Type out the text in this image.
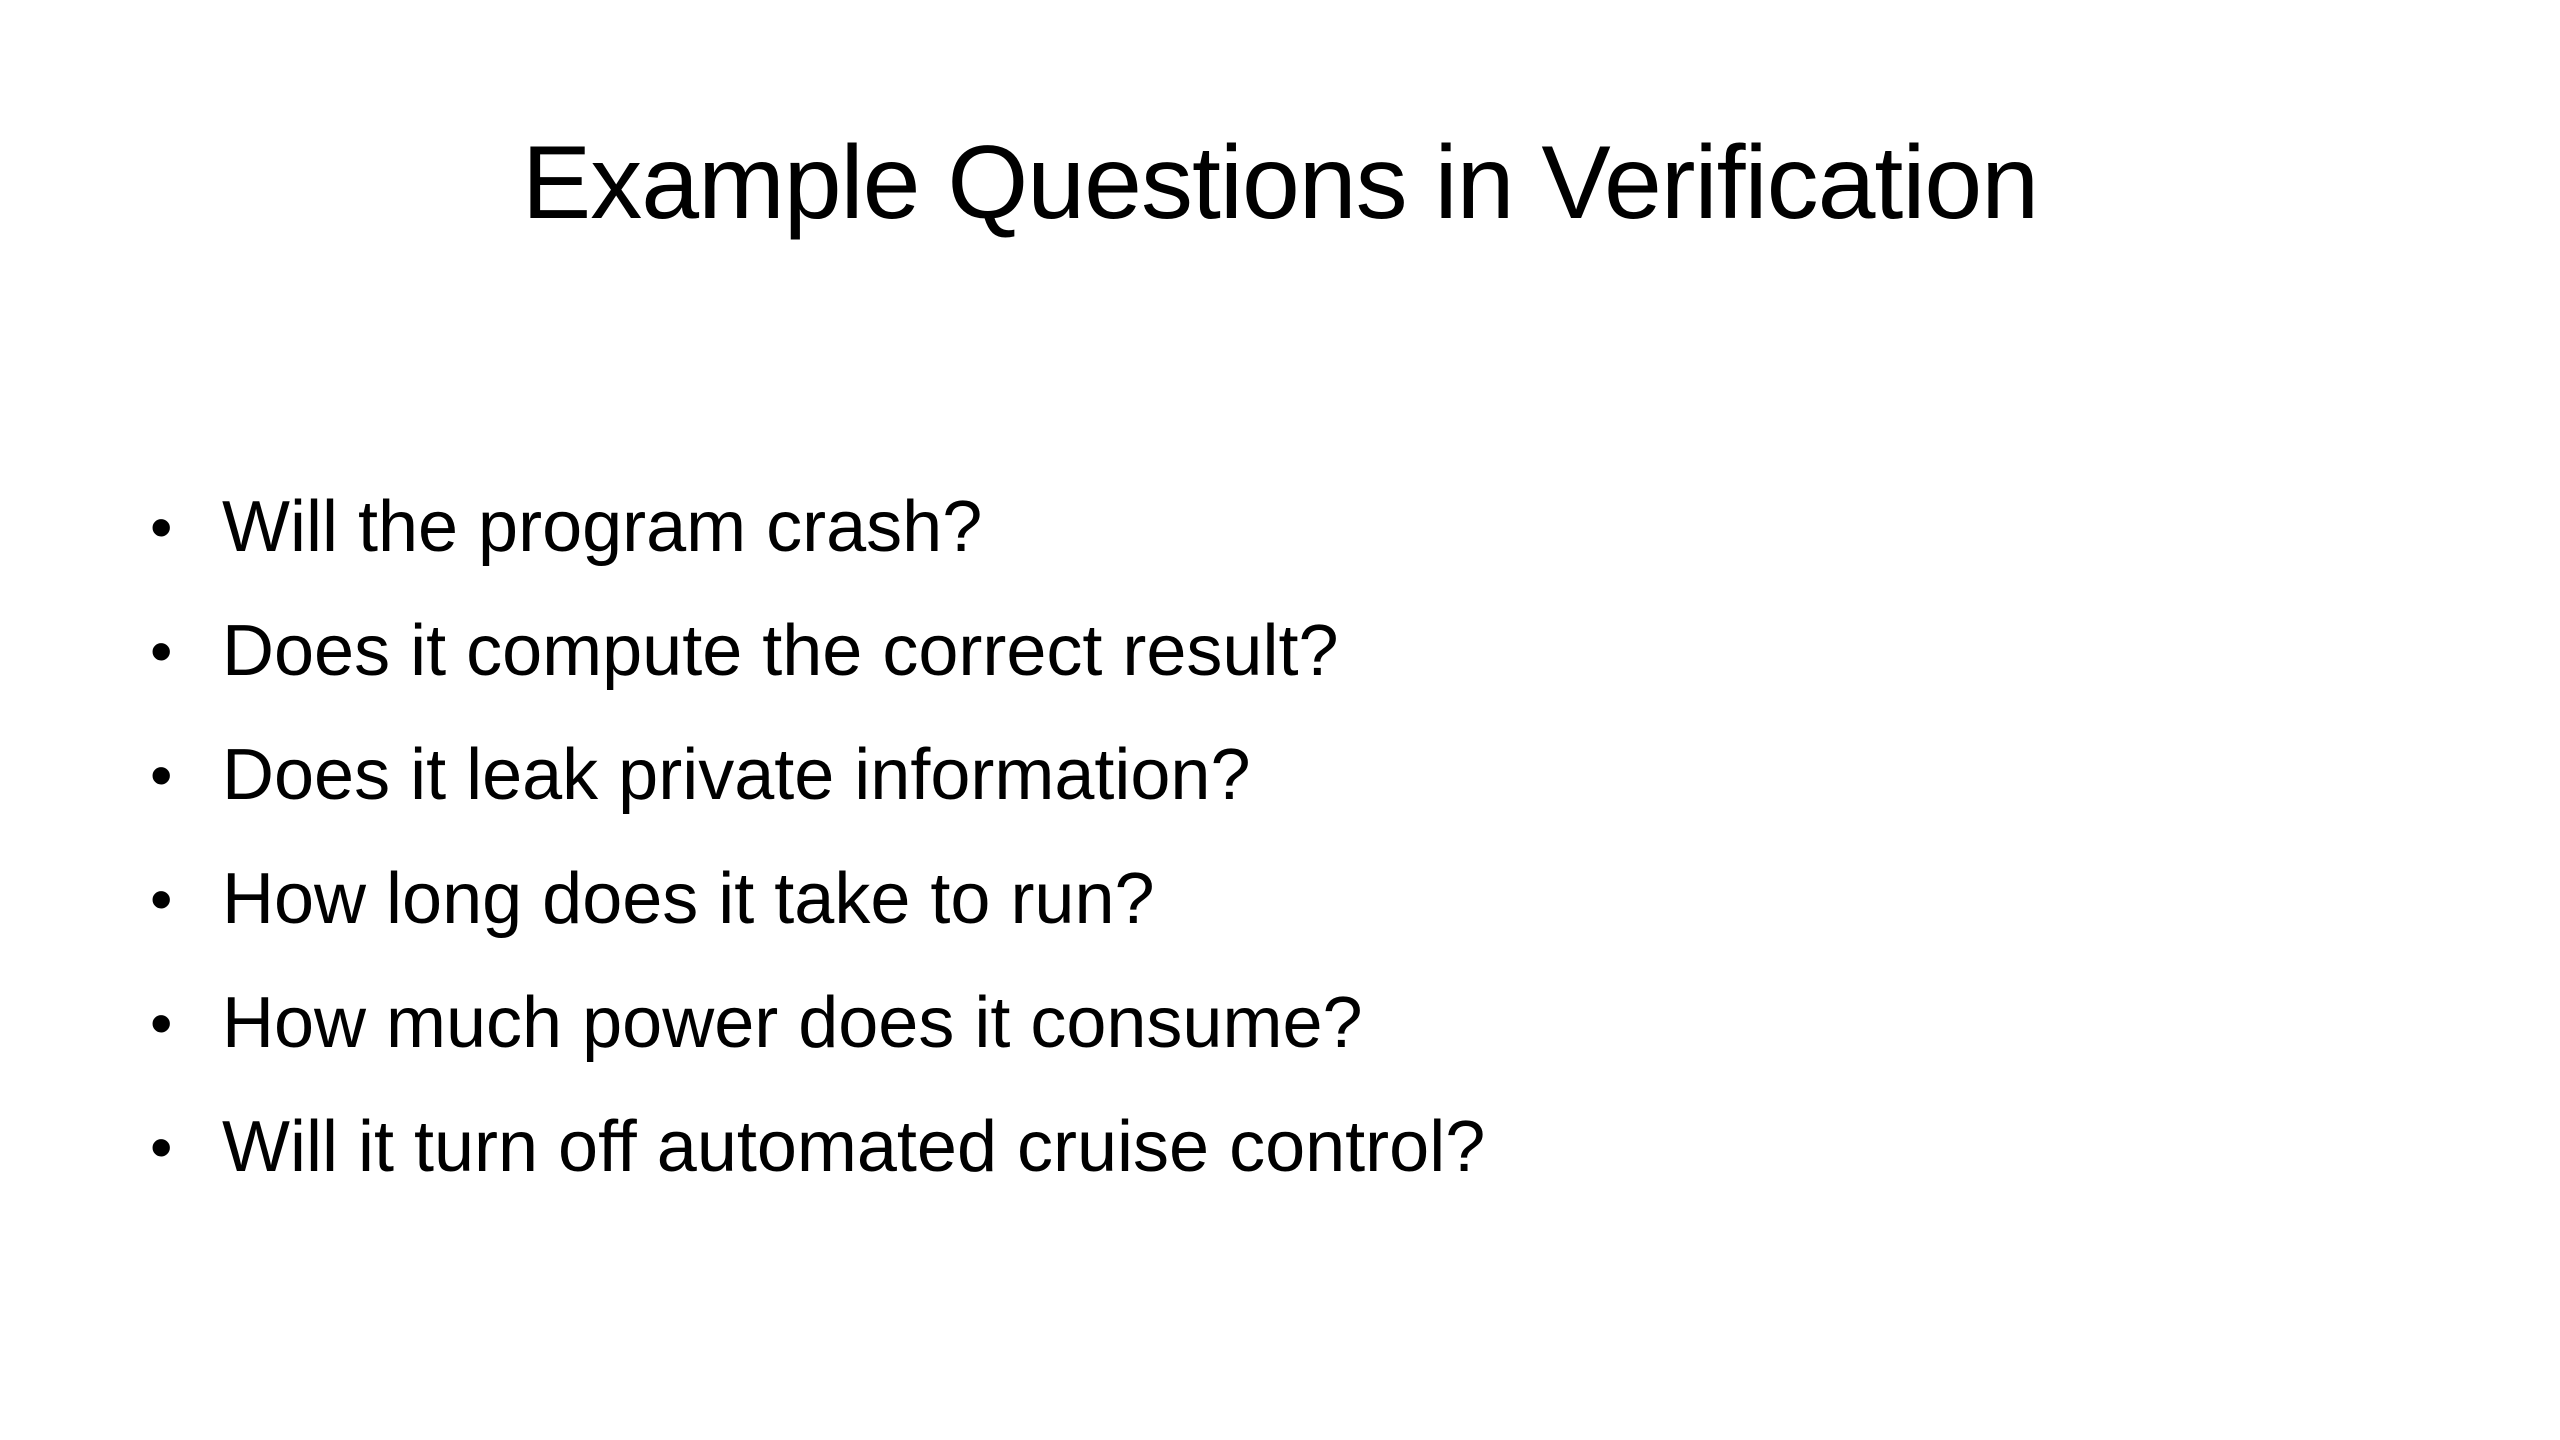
Example Questions in Verification
• Will the program crash?
• Does it compute the correct result?
• Does it leak private information?
• How long does it take to run?
• How much power does it consume?
• Will it turn off automated cruise control?
